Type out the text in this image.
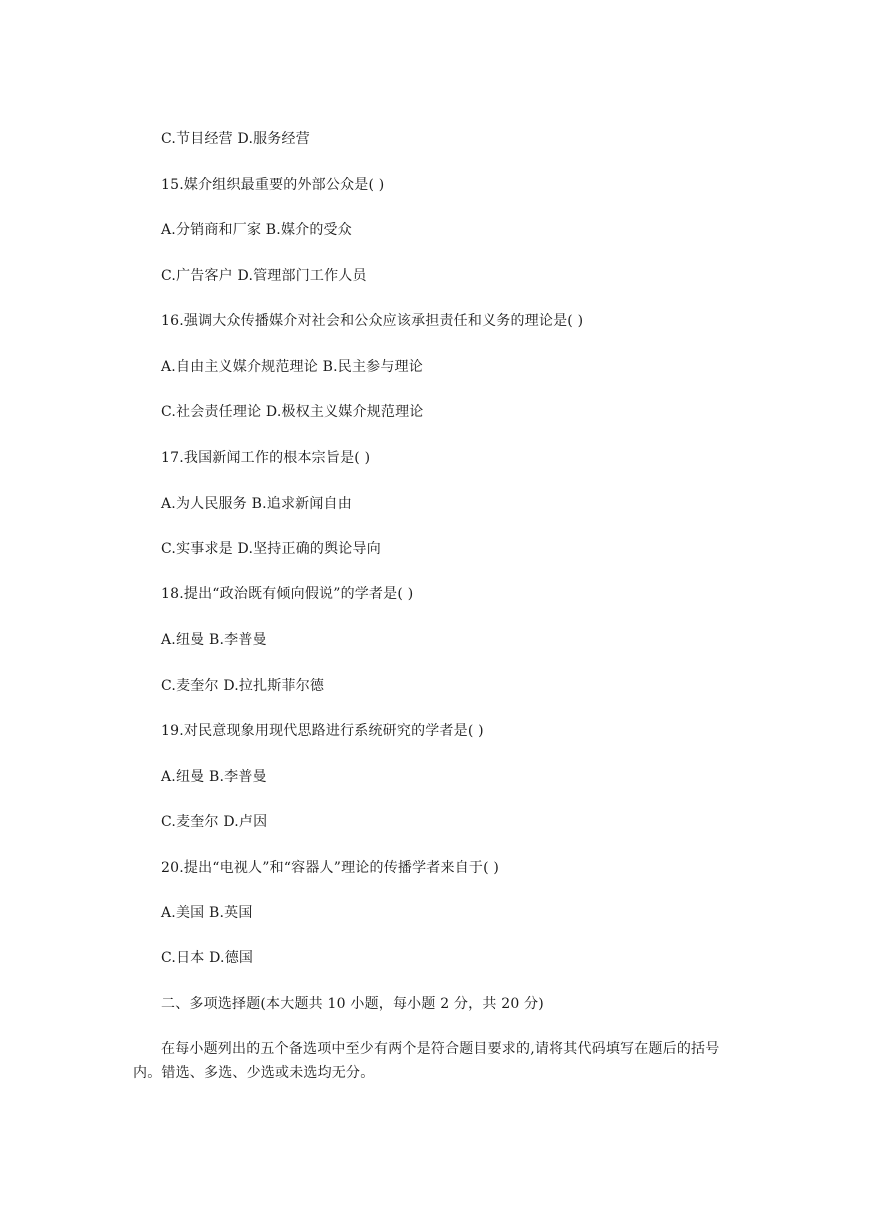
C.节目经营 D.服务经营
15.媒介组织最重要的外部公众是( )
A.分销商和厂家 B.媒介的受众
C.广告客户 D.管理部门工作人员
16.强调大众传播媒介对社会和公众应该承担责任和义务的理论是( )
A.自由主义媒介规范理论 B.民主参与理论
C.社会责任理论 D.极权主义媒介规范理论
17.我国新闻工作的根本宗旨是( )
A.为人民服务 B.追求新闻自由
C.实事求是 D.坚持正确的舆论导向
18.提出“政治既有倾向假说”的学者是( )
A.纽曼 B.李普曼
C.麦奎尔 D.拉扎斯菲尔德
19.对民意现象用现代思路进行系统研究的学者是( )
A.纽曼 B.李普曼
C.麦奎尔 D.卢因
20.提出“电视人”和“容器人”理论的传播学者来自于( )
A.美国 B.英国
C.日本 D.德国
二、多项选择题(本大题共 10 小题，每小题 2 分，共 20 分)
在每小题列出的五个备选项中至少有两个是符合题目要求的,请将其代码填写在题后的括号内。错选、多选、少选或未选均无分。
